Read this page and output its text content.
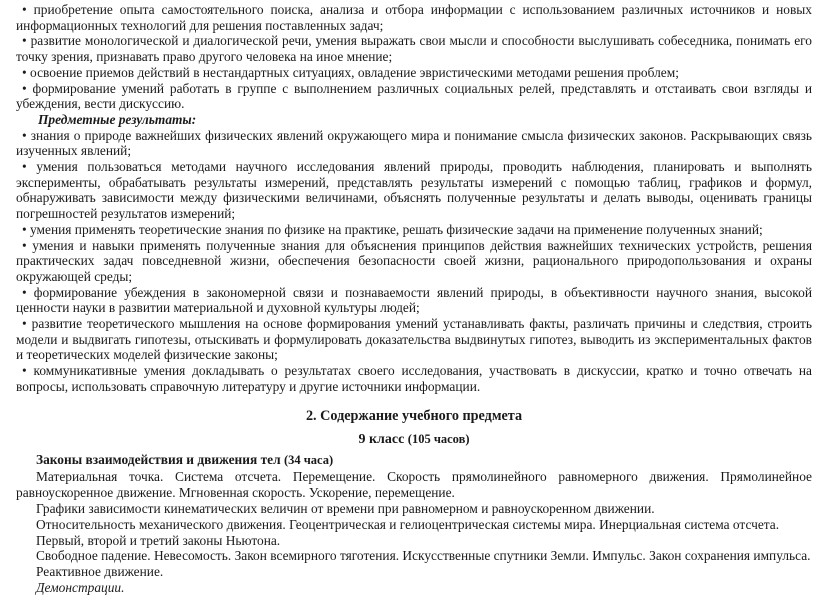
• приобретение опыта самостоятельного поиска, анализа и отбора информации с использованием различных источников и новых информационных технологий для решения поставленных задач;

• развитие монологической и диалогической речи, умения выражать свои мысли и способности выслушивать собеседника, понимать его точку зрения, признавать право другого человека на иное мнение;

• освоение приемов действий в нестандартных ситуациях, овладение эвристическими методами решения проблем;

• формирование умений работать в группе с выполнением различных социальных релей, представлять и отстаивать свои взгляды и убеждения, вести дискуссию.

Предметные результаты:

• знания о природе важнейших физических явлений окружающего мира и понимание смысла физических законов. Раскрывающих связь изученных явлений;

• умения пользоваться методами научного исследования явлений природы, проводить наблюдения, планировать и выполнять эксперименты, обрабатывать результаты измерений, представлять результаты измерений с помощью таблиц, графиков и формул, обнаруживать зависимости между физическими величинами, объяснять полученные результаты и делать выводы, оценивать границы погрешностей результатов измерений;

• умения применять теоретические знания по физике на практике, решать физические задачи на применение полученных знаний;

• умения и навыки применять полученные знания для объяснения принципов действия важнейших технических устройств, решения практических задач повседневной жизни, обеспечения безопасности своей жизни, рационального природопользования и охраны окружающей среды;

• формирование убеждения в закономерной связи и познаваемости явлений природы, в объективности научного знания, высокой ценности науки в развитии материальной и духовной культуры людей;

• развитие теоретического мышления на основе формирования умений устанавливать факты, различать причины и следствия, строить модели и выдвигать гипотезы, отыскивать и формулировать доказательства выдвинутых гипотез, выводить из экспериментальных фактов и теоретических моделей физические законы;

• коммуникативные умения докладывать о результатах своего исследования, участвовать в дискуссии, кратко и точно отвечать на вопросы, использовать справочную литературу и другие источники информации.

2. Содержание учебного предмета

9 класс (105 часов)

Законы взаимодействия и движения тел (34 часа)

Материальная точка. Система отсчета. Перемещение. Скорость прямолинейного равномерного движения. Прямолинейное равноускоренное движение. Мгновенная скорость. Ускорение, перемещение.

Графики зависимости кинематических величин от времени при равномерном и равноускоренном движении.

Относительность механического движения. Геоцентрическая и гелиоцентрическая системы мира. Инерциальная система отсчета.

Первый, второй и третий законы Ньютона.

Свободное падение. Невесомость. Закон всемирного тяготения. Искусственные спутники Земли. Импульс. Закон сохранения импульса.

Реактивное движение.

Демонстрации.
